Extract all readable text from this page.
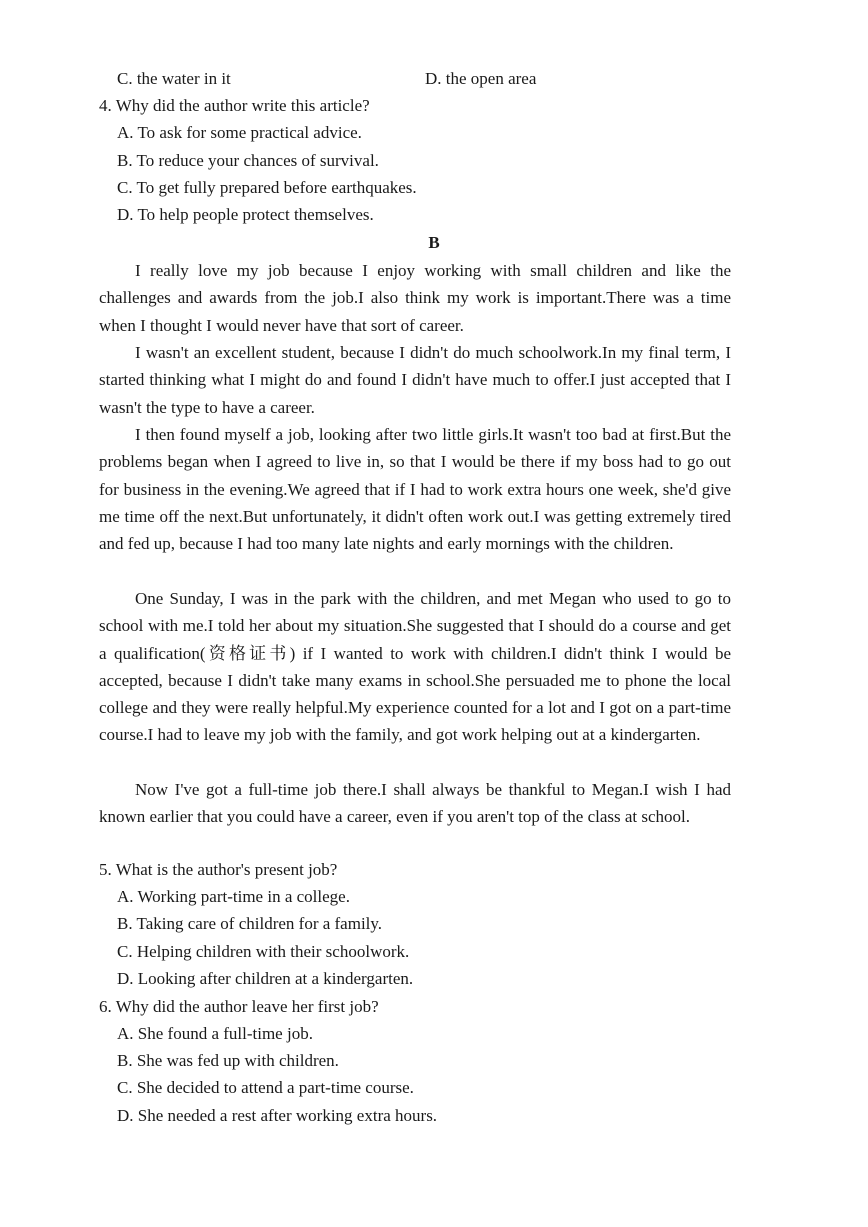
C. the water in it	D. the open area
4. Why did the author write this article?
A. To ask for some practical advice.
B. To reduce your chances of survival.
C. To get fully prepared before earthquakes.
D. To help people protect themselves.
B

I really love my job because I enjoy working with small children and like the challenges and awards from the job.I also think my work is important.There was a time when I thought I would never have that sort of career.

I wasn't an excellent student, because I didn't do much schoolwork.In my final term, I started thinking what I might do and found I didn't have much to offer.I just accepted that I wasn't the type to have a career.

I then found myself a job, looking after two little girls.It wasn't too bad at first.But the problems began when I agreed to live in, so that I would be there if my boss had to go out for business in the evening.We agreed that if I had to work extra hours one week, she'd give me time off the next.But unfortunately, it didn't often work out.I was getting extremely tired and fed up, because I had too many late nights and early mornings with the children.

One Sunday, I was in the park with the children, and met Megan who used to go to school with me.I told her about my situation.She suggested that I should do a course and get a qualification(资格证书) if I wanted to work with children.I didn't think I would be accepted, because I didn't take many exams in school.She persuaded me to phone the local college and they were really helpful.My experience counted for a lot and I got on a part-time course.I had to leave my job with the family, and got work helping out at a kindergarten.

Now I've got a full-time job there.I shall always be thankful to Megan.I wish I had known earlier that you could have a career, even if you aren't top of the class at school.

5. What is the author's present job?
A. Working part-time in a college.
B. Taking care of children for a family.
C. Helping children with their schoolwork.
D. Looking after children at a kindergarten.
6. Why did the author leave her first job?
A. She found a full-time job.
B. She was fed up with children.
C. She decided to attend a part-time course.
D. She needed a rest after working extra hours.
